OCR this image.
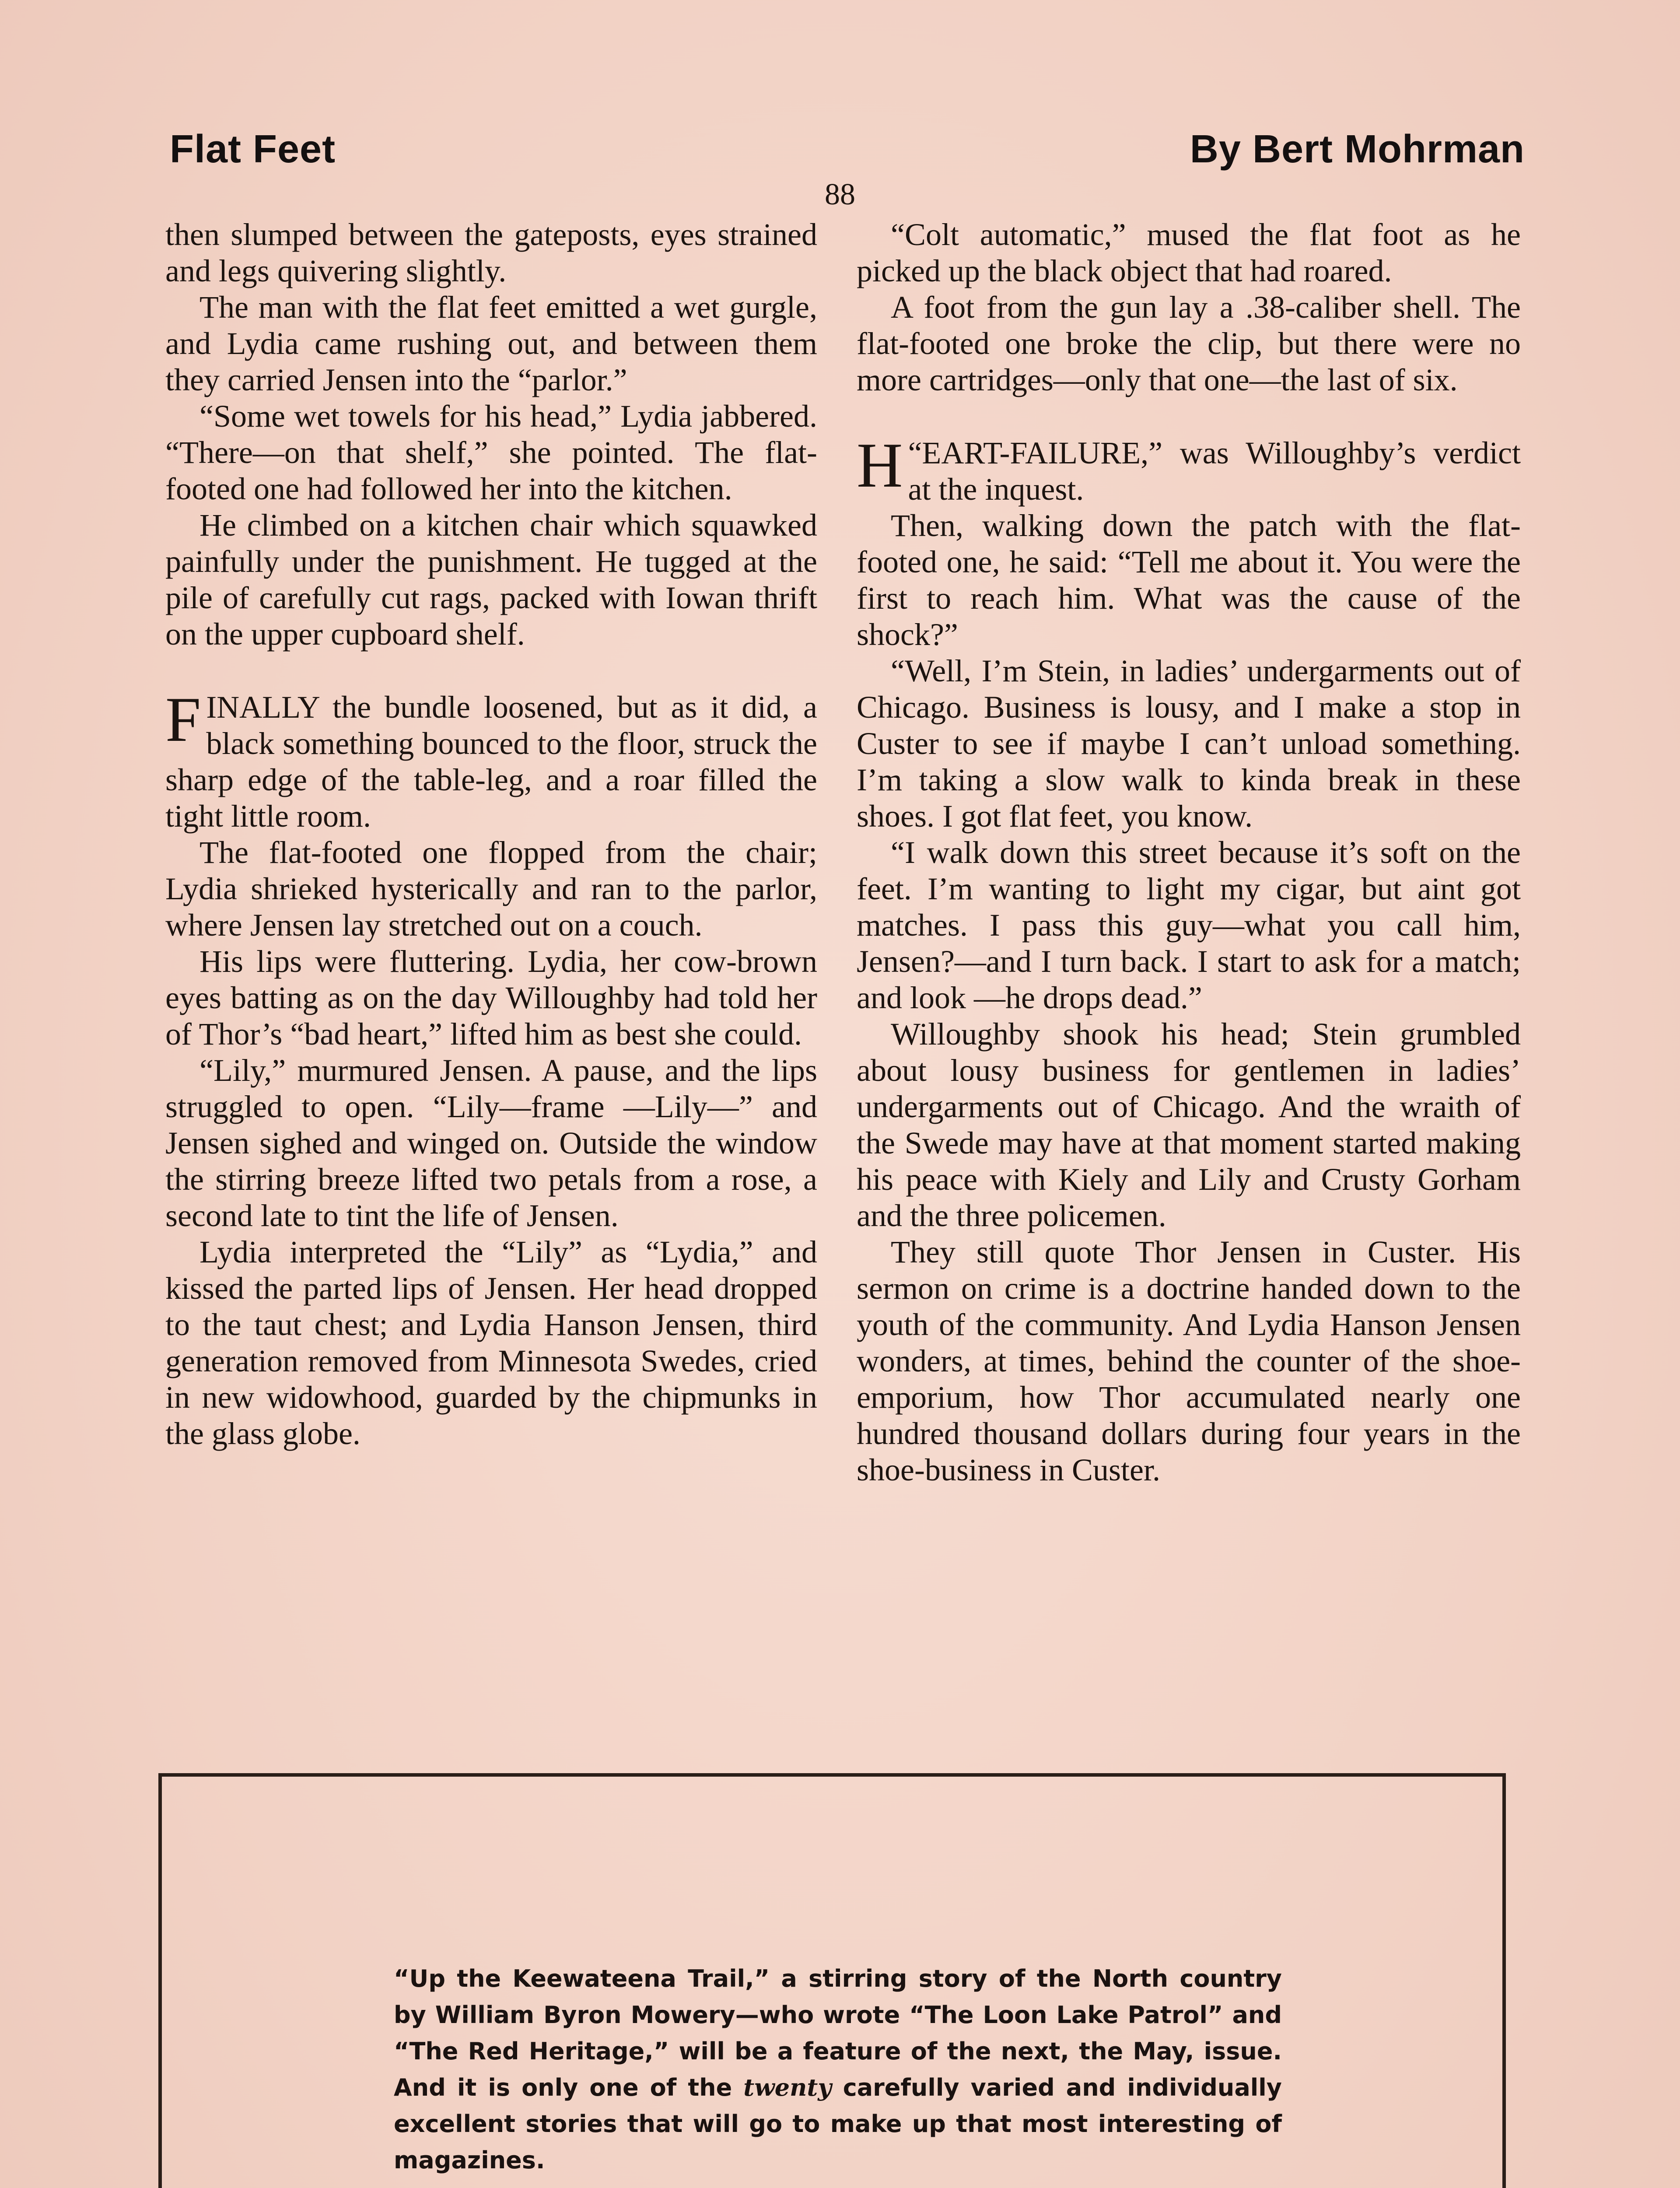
Flat Feet	By Bert Mohrman
88

then slumped between the gateposts, eyes strained and legs quivering slightly.

The man with the flat feet emitted a wet gurgle, and Lydia came rushing out, and between them they carried Jensen into the “parlor.”

“Some wet towels for his head,” Lydia jabbered. “There—on that shelf,” she pointed. The flat-footed one had followed her into the kitchen.

He climbed on a kitchen chair which squawked painfully under the punishment. He tugged at the pile of carefully cut rags, packed with Iowan thrift on the upper cupboard shelf.

FINALLY the bundle loosened, but as it did, a black something bounced to the floor, struck the sharp edge of the table-leg, and a roar filled the tight little room.

The flat-footed one flopped from the chair; Lydia shrieked hysterically and ran to the parlor, where Jensen lay stretched out on a couch.

His lips were fluttering. Lydia, her cow-brown eyes batting as on the day Willoughby had told her of Thor’s “bad heart,” lifted him as best she could.

“Lily,” murmured Jensen. A pause, and the lips struggled to open. “Lily—frame —Lily—” and Jensen sighed and winged on. Outside the window the stirring breeze lifted two petals from a rose, a second late to tint the life of Jensen.

Lydia interpreted the “Lily” as “Lydia,” and kissed the parted lips of Jensen. Her head dropped to the taut chest; and Lydia Hanson Jensen, third generation removed from Minnesota Swedes, cried in new widowhood, guarded by the chipmunks in the glass globe.

“Colt automatic,” mused the flat foot as he picked up the black object that had roared.

A foot from the gun lay a .38-caliber shell. The flat-footed one broke the clip, but there were no more cartridges—only that one—the last of six.

“
H EART-FAILURE,” was Willoughby’s verdict at the inquest.

Then, walking down the patch with the flat-footed one, he said: “Tell me about it. You were the first to reach him. What was the cause of the shock?”

“Well, I’m Stein, in ladies’ undergarments out of Chicago. Business is lousy, and I make a stop in Custer to see if maybe I can’t unload something. I’m taking a slow walk to kinda break in these shoes. I got flat feet, you know.

“I walk down this street because it’s soft on the feet. I’m wanting to light my cigar, but aint got matches. I pass this guy—what you call him, Jensen?—and I turn back. I start to ask for a match; and look —he drops dead.”

Willoughby shook his head; Stein grumbled about lousy business for gentlemen in ladies’ undergarments out of Chicago. And the wraith of the Swede may have at that moment started making his peace with Kiely and Lily and Crusty Gorham and the three policemen.

They still quote Thor Jensen in Custer. His sermon on crime is a doctrine handed down to the youth of the community. And Lydia Hanson Jensen wonders, at times, behind the counter of the shoe-emporium, how Thor accumulated nearly one hundred thousand dollars during four years in the shoe-business in Custer.

“Up the Keewateena Trail,” a stirring story of the North country by William Byron Mowery—who wrote “The Loon Lake Patrol” and “The Red Heritage,” will be a feature of the next, the May, issue. And it is only one of the twenty carefully varied and individually excellent stories that will go to make up that most interesting of magazines.
